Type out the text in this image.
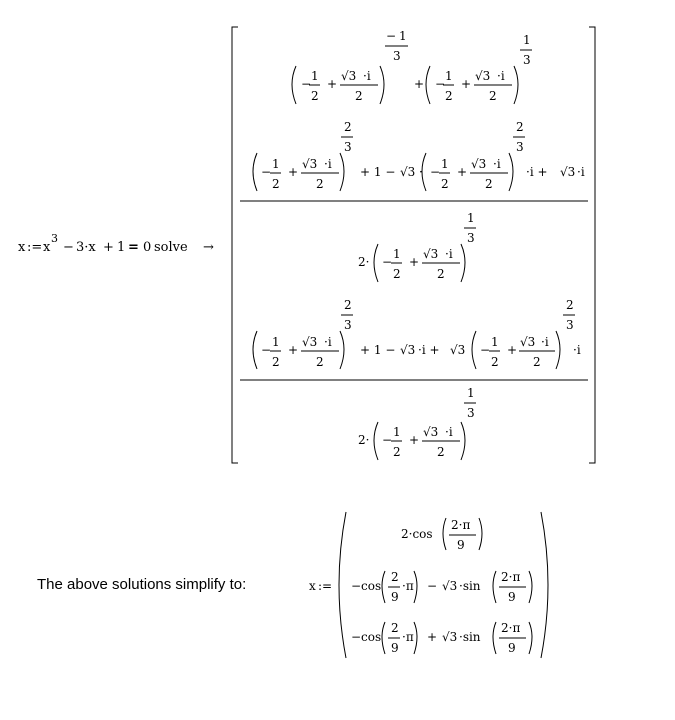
x := x
3
− 3·x + 1 = 0 solve →
−
1
2
+
√3 ·i
2
− 1
3
+ −
1
2
+
√3 ·i
2
1
3
−
1
2
+
√3 ·i
2
2
3
+ 1 − √3 · −
1
2
+
√3 ·i
2
2
3
·i + √3 ·i
2· −
1
2
+
√3 ·i
2
1
3
−
1
2
+
√3 ·i
2
2
3
+ 1 − √3 ·i + √3 −
1
2
+
√3 ·i
2
2
3
·i
2· −
1
2
+
√3 ·i
2
1
3
x :=
2·cos
2·π
9
−cos
2
9
·π − √3 ·sin
2·π
9
−cos
2
9
·π + √3 ·sin
2·π
9
The above solutions simplify to:
